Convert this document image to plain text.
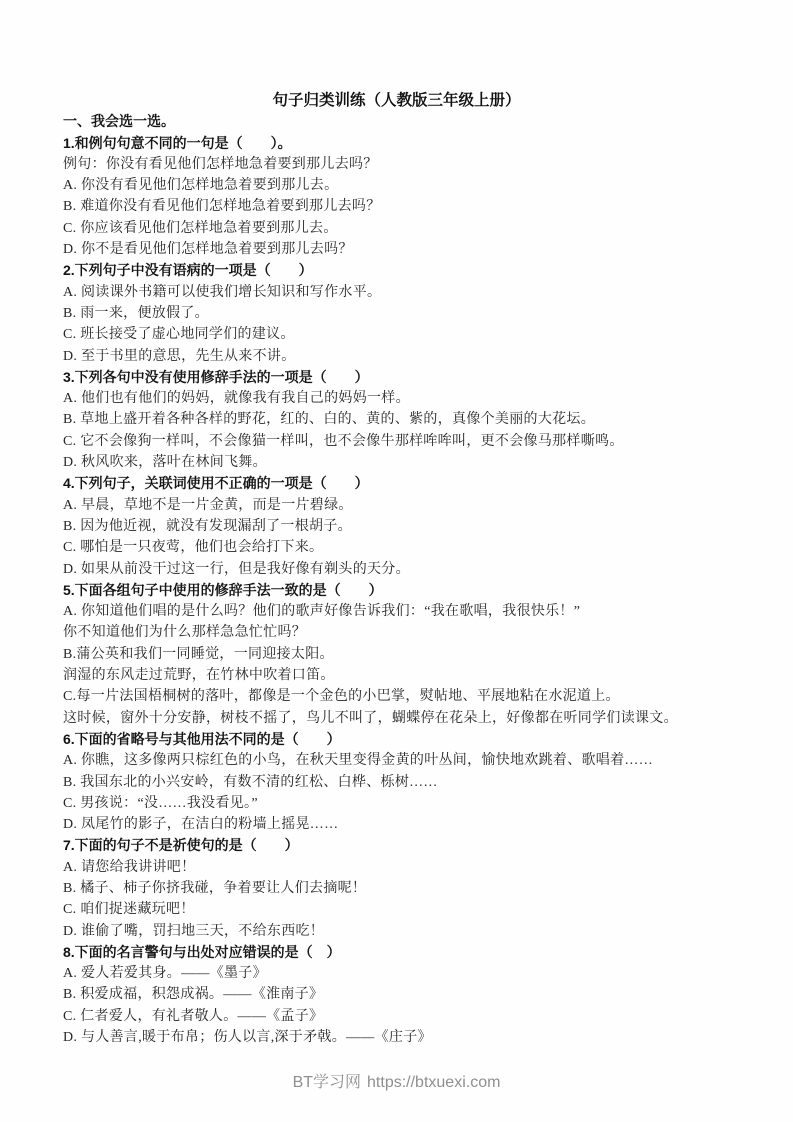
句子归类训练（人教版三年级上册）
一、我会选一选。
1.和例句句意不同的一句是（　　）。
例句：你没有看见他们怎样地急着要到那儿去吗？
A. 你没有看见他们怎样地急着要到那儿去。
B. 难道你没有看见他们怎样地急着要到那儿去吗？
C. 你应该看见他们怎样地急着要到那儿去。
D. 你不是看见他们怎样地急着要到那儿去吗？
2.下列句子中没有语病的一项是（　　）
A. 阅读课外书籍可以使我们增长知识和写作水平。
B. 雨一来，便放假了。
C. 班长接受了虚心地同学们的建议。
D. 至于书里的意思，先生从来不讲。
3.下列各句中没有使用修辞手法的一项是（　　）
A. 他们也有他们的妈妈，就像我有我自己的妈妈一样。
B. 草地上盛开着各种各样的野花，红的、白的、黄的、紫的，真像个美丽的大花坛。
C. 它不会像狗一样叫，不会像猫一样叫，也不会像牛那样哞哞叫，更不会像马那样嘶鸣。
D. 秋风吹来，落叶在林间飞舞。
4.下列句子，关联词使用不正确的一项是（　　）
A. 早晨，草地不是一片金黄，而是一片碧绿。
B. 因为他近视，就没有发现漏刮了一根胡子。
C. 哪怕是一只夜莺，他们也会给打下来。
D. 如果从前没干过这一行，但是我好像有剃头的天分。
5.下面各组句子中使用的修辞手法一致的是（　　）
A. 你知道他们唱的是什么吗？他们的歌声好像告诉我们：“我在歌唱，我很快乐！”
你不知道他们为什么那样急急忙忙吗？
B.蒲公英和我们一同睡觉，一同迎接太阳。
润湿的东风走过荒野，在竹林中吹着口笛。
C.每一片法国梧桐树的落叶，都像是一个金色的小巴掌，熨帖地、平展地粘在水泥道上。
这时候，窗外十分安静，树枝不摇了，鸟儿不叫了，蝴蝶停在花朵上，好像都在听同学们读课文。
6.下面的省略号与其他用法不同的是（　　）
A. 你瞧，这多像两只棕红色的小鸟，在秋天里变得金黄的叶丛间，愉快地欢跳着、歌唱着……
B. 我国东北的小兴安岭，有数不清的红松、白桦、栎树……
C. 男孩说：“没……我没看见。”
D. 凤尾竹的影子，在洁白的粉墙上摇晃……
7.下面的句子不是祈使句的是（　　）
A. 请您给我讲讲吧！
B. 橘子、柿子你挤我碰，争着要让人们去摘呢！
C. 咱们捉迷藏玩吧！
D. 谁偷了嘴，罚扫地三天，不给东西吃！
8.下面的名言警句与出处对应错误的是（　）
A. 爱人若爱其身。——《墨子》
B. 积爱成福，积怨成祸。——《淮南子》
C. 仁者爱人，有礼者敬人。——《孟子》
D. 与人善言,暖于布帛；伤人以言,深于矛戟。——《庄子》
BT学习网 https://btxuexi.com
